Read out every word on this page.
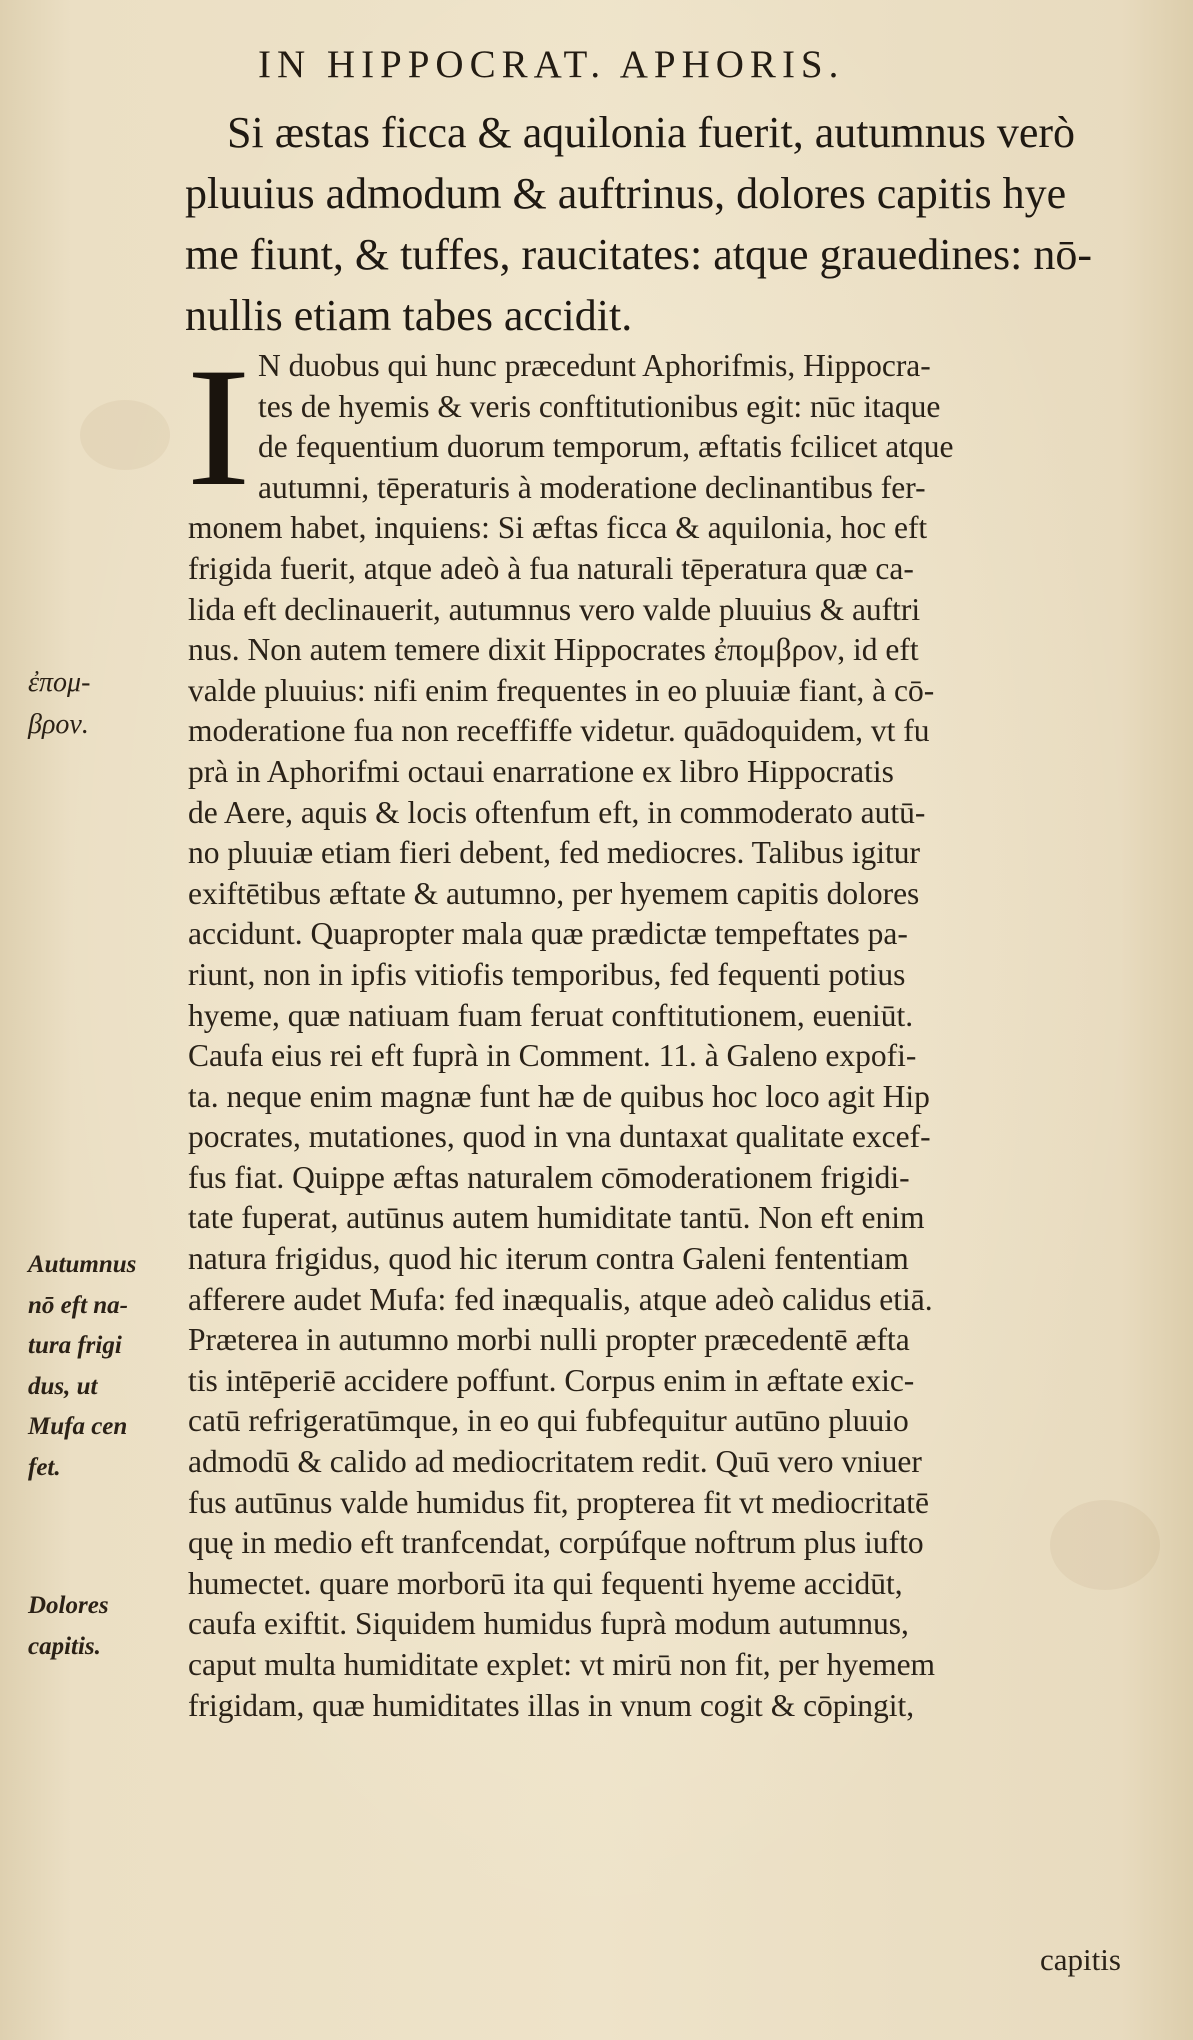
IN HIPPOCRAT. APHORIS.
Si æstas ficca & aquilonia fuerit, autumnus verò
pluuius admodum & auftrinus, dolores capitis hye
me fiunt, & tuffes, raucitates: atque grauedines: nō-
nullis etiam tabes accidit.
I N duobus qui hunc præcedunt Aphorifmis, Hippocra-
tes de hyemis & veris conftitutionibus egit: nūc itaque
de fequentium duorum temporum, æftatis fcilicet atque
autumni, tēperaturis à moderatione declinantibus fer-
monem habet, inquiens: Si æftas ficca & aquilonia, hoc eft
frigida fuerit, atque adeò à fua naturali tēperatura quæ ca-
lida eft declinauerit, autumnus vero valde pluuius & auftri
nus. Non autem temere dixit Hippocrates ἐπομβρον, id eft
valde pluuius: nifi enim frequentes in eo pluuiæ fiant, à cō-
moderatione fua non receffiffe videtur. quādoquidem, vt fu
prà in Aphorifmi octaui enarratione ex libro Hippocratis
de Aere, aquis & locis oftenfum eft, in commoderato autū-
no pluuiæ etiam fieri debent, fed mediocres. Talibus igitur
exiftētibus æftate & autumno, per hyemem capitis dolores
accidunt. Quapropter mala quæ prædictæ tempeftates pa-
riunt, non in ipfis vitiofis temporibus, fed fequenti potius
hyeme, quæ natiuam fuam feruat conftitutionem, eueniūt.
Caufa eius rei eft fuprà in Comment. 11. à Galeno expofi-
ta. neque enim magnæ funt hæ de quibus hoc loco agit Hip
pocrates, mutationes, quod in vna duntaxat qualitate excef-
fus fiat. Quippe æftas naturalem cōmoderationem frigidi-
tate fuperat, autūnus autem humiditate tantū. Non eft enim
natura frigidus, quod hic iterum contra Galeni fententiam
afferere audet Mufa: fed inæqualis, atque adeò calidus etiā.
Præterea in autumno morbi nulli propter præcedentē æfta
tis intēperiē accidere poffunt. Corpus enim in æftate exic-
catū refrigeratūmque, in eo qui fubfequitur autūno pluuio
admodū & calido ad mediocritatem redit. Quū vero vniuer
fus autūnus valde humidus fit, propterea fit vt mediocritatē
quę in medio eft tranfcendat, corpúfque noftrum plus iufto
humectet. quare morborū ita qui fequenti hyeme accidūt,
caufa exiftit. Siquidem humidus fuprà modum autumnus,
caput multa humiditate explet: vt mirū non fit, per hyemem
frigidam, quæ humiditates illas in vnum cogit & cōpingit,
ἐπομ-
βρον.
Autumnus
nō eft na-
tura frigi
dus, ut
Mufa cen
fet.
Dolores
capitis.
capitis
